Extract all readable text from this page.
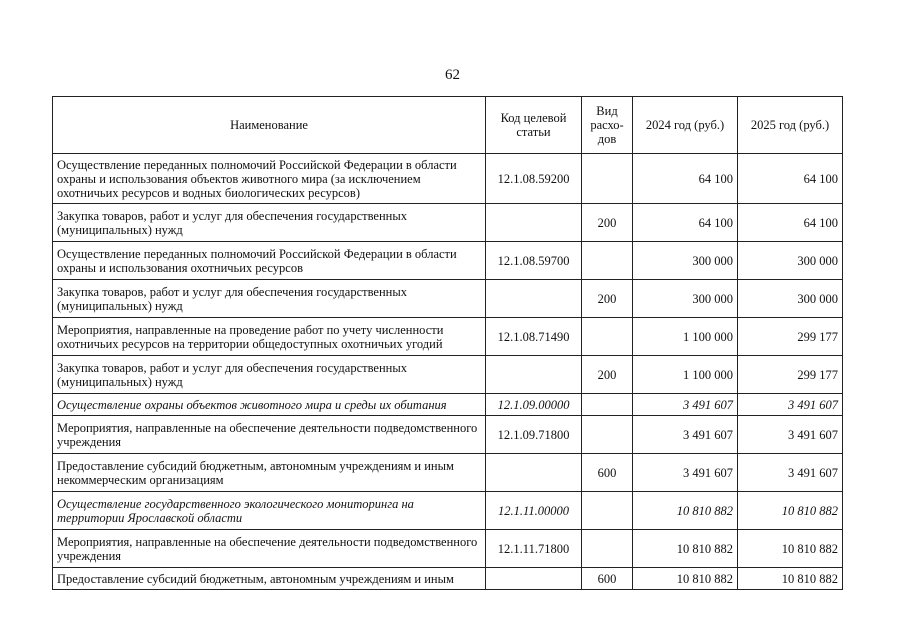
62
Наименование	Код целевой статьи	Вид расхо-дов	2024 год (руб.)	2025 год (руб.)
Осуществление переданных полномочий Российской Федерации в области охраны и использования объектов животного мира (за исключением охотничьих ресурсов и водных биологических ресурсов)	12.1.08.59200		64 100	64 100
Закупка товаров, работ и услуг для обеспечения государственных (муниципальных) нужд		200	64 100	64 100
Осуществление переданных полномочий Российской Федерации в области охраны и использования охотничьих ресурсов	12.1.08.59700		300 000	300 000
Закупка товаров, работ и услуг для обеспечения государственных (муниципальных) нужд		200	300 000	300 000
Мероприятия, направленные на проведение работ по учету численности охотничьих ресурсов на территории общедоступных охотничьих угодий	12.1.08.71490		1 100 000	299 177
Закупка товаров, работ и услуг для обеспечения государственных (муниципальных) нужд		200	1 100 000	299 177
Осуществление охраны объектов животного мира и среды их обитания	12.1.09.00000		3 491 607	3 491 607
Мероприятия, направленные на обеспечение деятельности подведомственного учреждения	12.1.09.71800		3 491 607	3 491 607
Предоставление субсидий бюджетным, автономным учреждениям и иным некоммерческим организациям		600	3 491 607	3 491 607
Осуществление государственного экологического мониторинга на территории Ярославской области	12.1.11.00000		10 810 882	10 810 882
Мероприятия, направленные на обеспечение деятельности подведомственного учреждения	12.1.11.71800		10 810 882	10 810 882
Предоставление субсидий бюджетным, автономным учреждениям и иным		600	10 810 882	10 810 882
